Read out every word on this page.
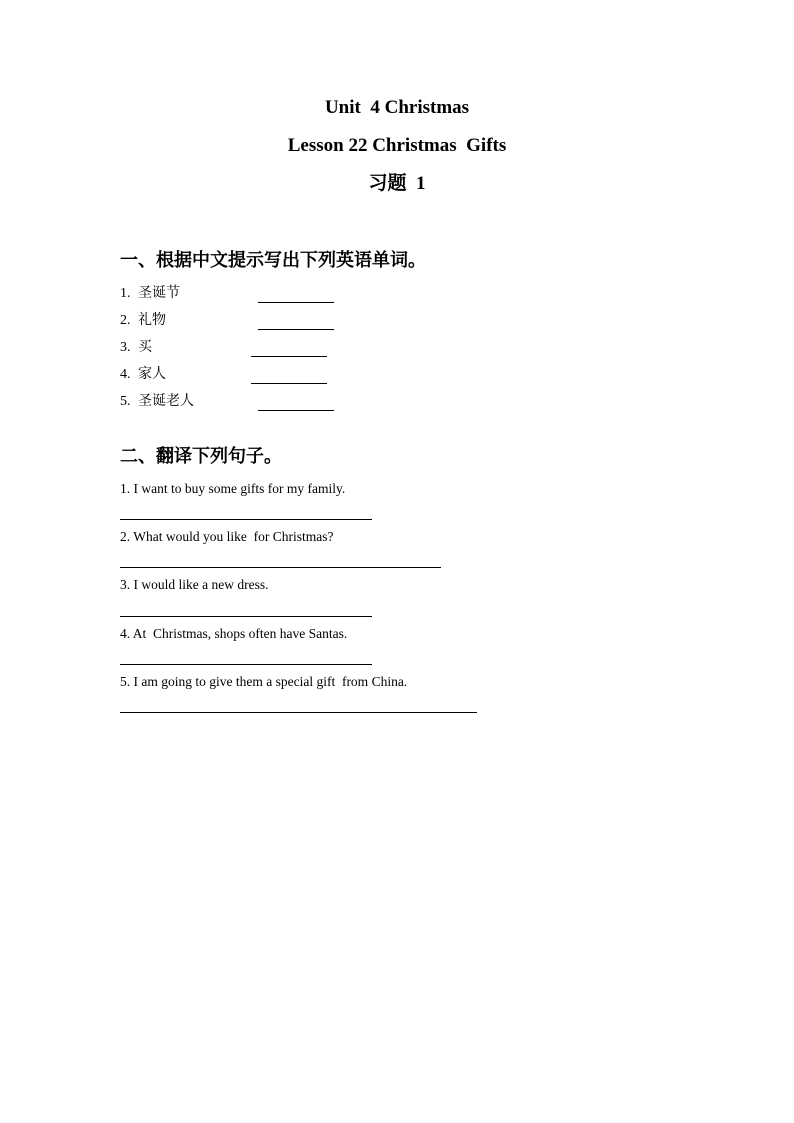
Unit  4 Christmas
Lesson 22 Christmas  Gifts
习题  1
一、根据中文提示写出下列英语单词。
1. 圣诞节
2. 礼物
3. 买
4. 家人
5. 圣诞老人
二、翻译下列句子。
1. I want to buy some gifts for my family.
2. What would you like  for Christmas?
3. I would like a new dress.
4. At  Christmas, shops often have Santas.
5. I am going to give them a special gift  from China.
